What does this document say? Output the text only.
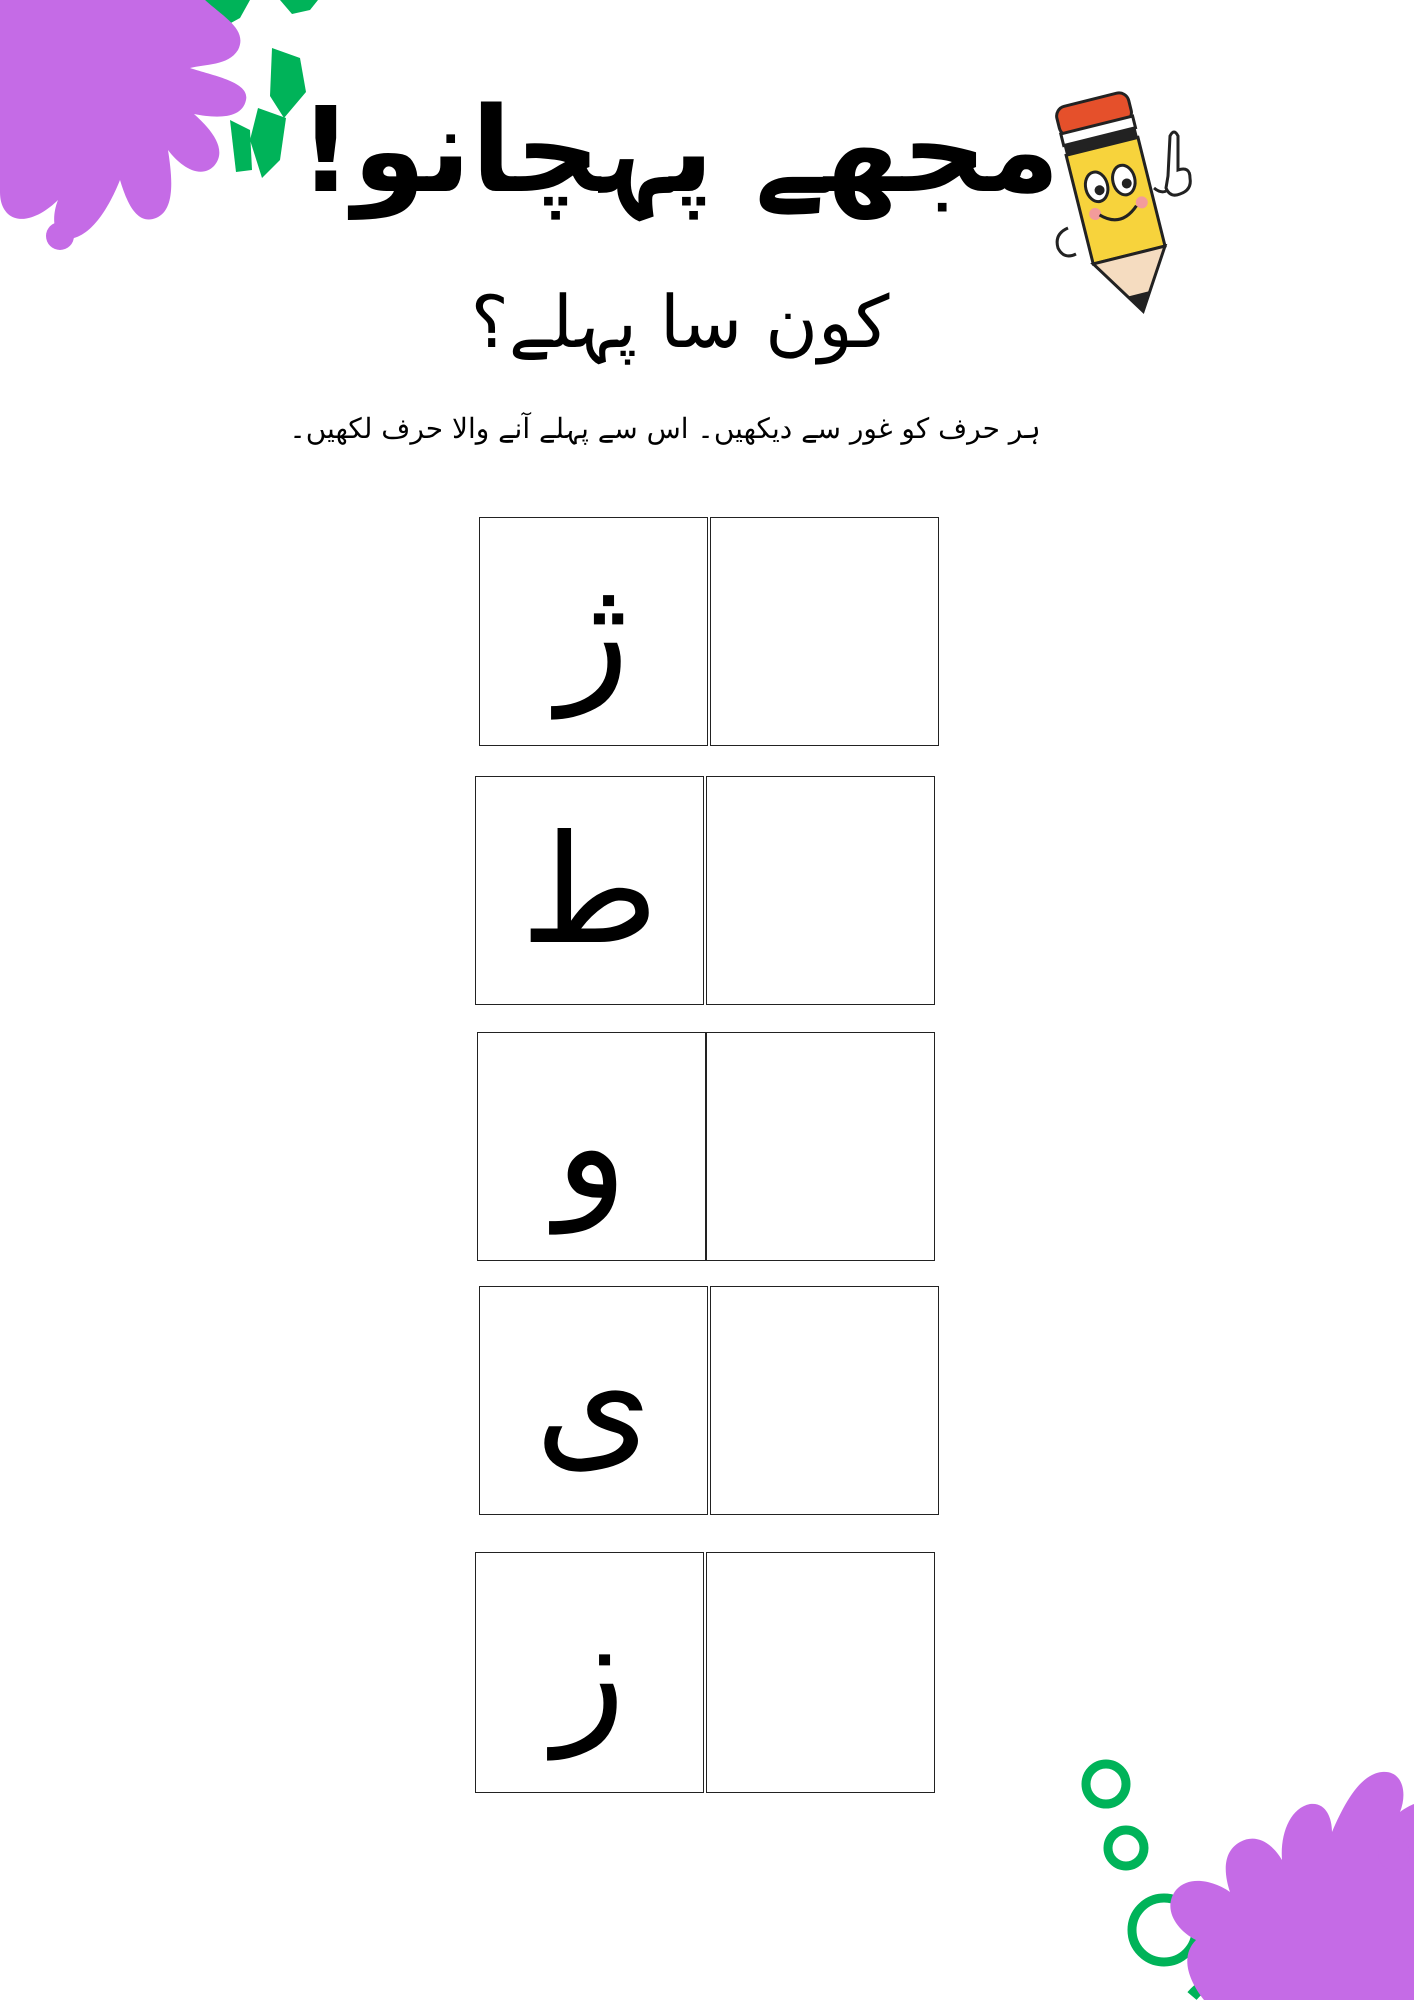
مجھے پہچانو!
کون سا پہلے؟
ہر حرف کو غور سے دیکھیں۔ اس سے پہلے آنے والا حرف لکھیں۔
ژ
ط
و
ی
ز
